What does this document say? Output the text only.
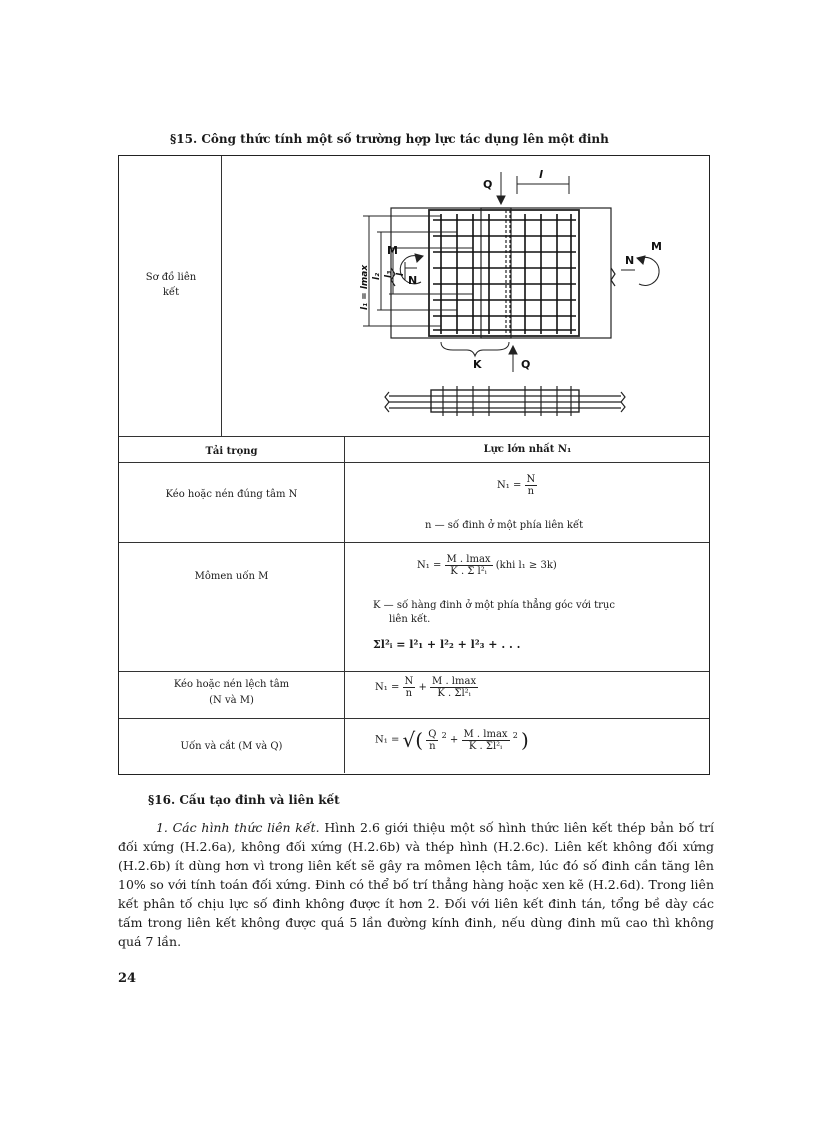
§15. Công thức tính một số trường hợp lực tác dụng lên một đinh
Sơ đồ liên kết
Q
l
M
N
N
M
K	Q
l₁ = lmax l₂ l₃ l
Tải trọng	Lực lớn nhất N₁
Kéo hoặc nén đúng tâm N
$N_1 = \frac{N}{n}$
n — số đinh ở một phía liên kết
Mômen uốn M
$N_1 = \frac{M . lmax}{\text{K . Σ l²ᵢ}} (khi$ l₁ ≥ 3k)
K — số hàng đinh ở một phía thẳng góc với trục
liên kết.
Σl²ᵢ = l²₁ + l²₂ + l²₃ + . . .
Kéo hoặc nén lệch tâm
(N và M)
$N_1 = \frac{N}{n} + \frac{M . lmax}{\text{K . Σl²ᵢ}}$
Uốn và cắt (M và Q)
N₁ = √( $\frac{Q}{n} ^2 + \frac{M . lmax}{\text{K . Σl²ᵢ}} ^2$ )
§16. Cấu tạo đinh và liên kết
1. Các hình thức liên kết. Hình 2.6 giới thiệu một số hình thức liên kết thép bản bố trí đối xứng (H.2.6a), không đối xứng (H.2.6b) và thép hình (H.2.6c). Liên kết không đối xứng (H.2.6b) ít dùng hơn vì trong liên kết sẽ gây ra mômen lệch tâm, lúc đó số đinh cần tăng lên 10% so với tính toán đối xứng. Đinh có thể bố trí thẳng hàng hoặc xen kẽ (H.2.6d). Trong liên kết phân tố chịu lực số đinh không được ít hơn 2. Đối với liên kết đinh tán, tổng bề dày các tấm trong liên kết không được quá 5 lần đường kính đinh, nếu dùng đinh mũ cao thì không quá 7 lần.
24
